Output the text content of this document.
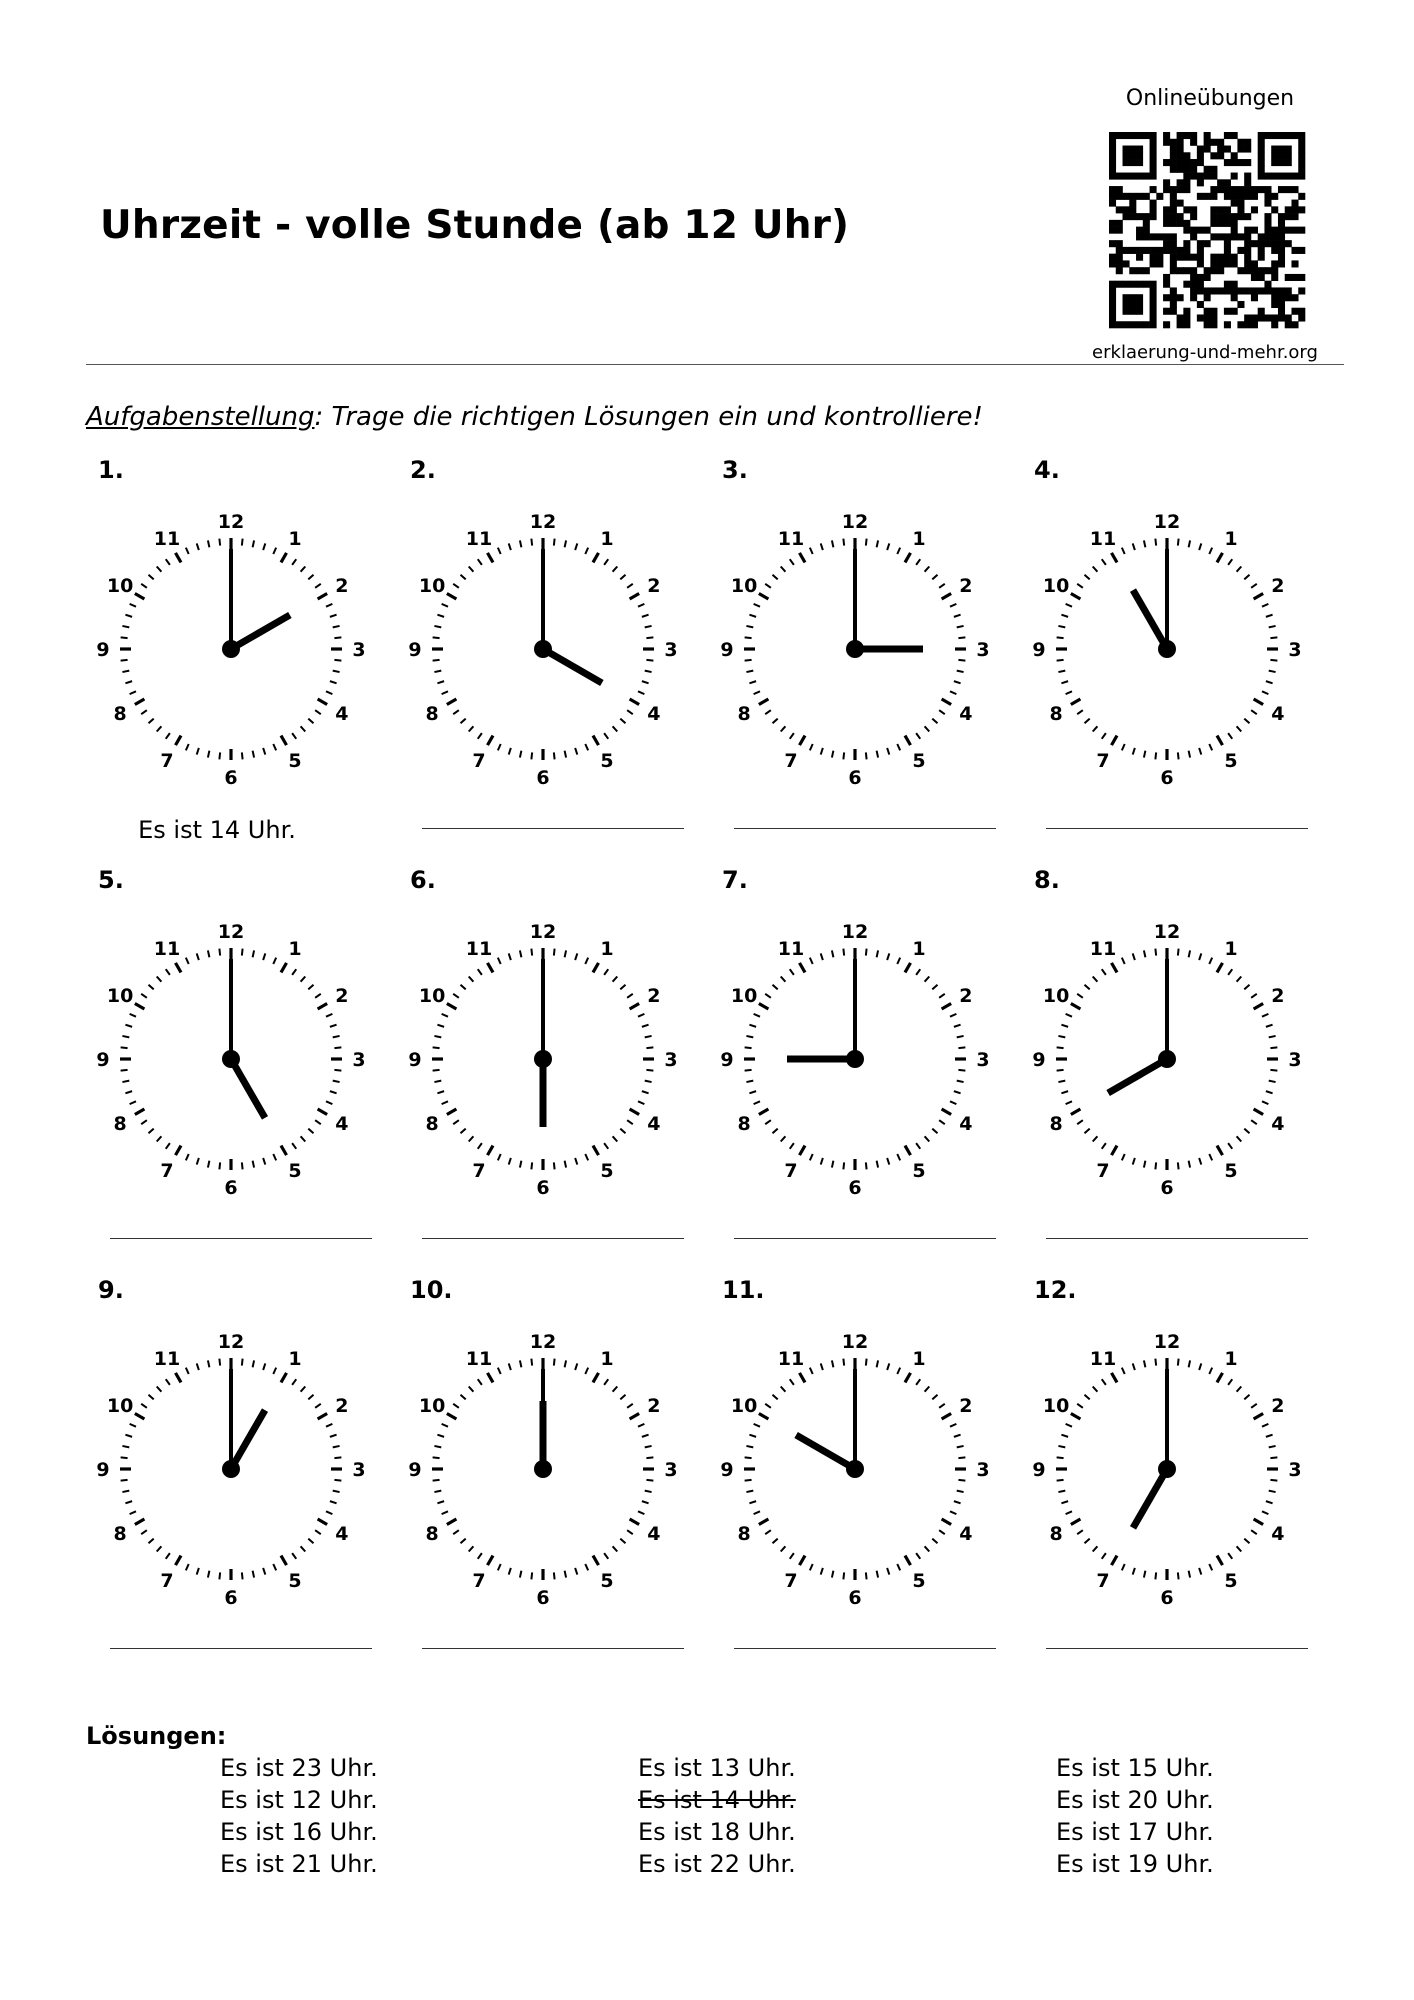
Uhrzeit - volle Stunde (ab 12 Uhr)
Onlineübungen
erklaerung-und-mehr.org
Aufgabenstellung: Trage die richtigen Lösungen ein und kontrolliere!
1.
12
1
2
3
4
5
6
7
8
9
10
11
Es ist 14 Uhr.
2.
12
1
2
3
4
5
6
7
8
9
10
11
3.
12
1
2
3
4
5
6
7
8
9
10
11
4.
12
1
2
3
4
5
6
7
8
9
10
11
5.
12
1
2
3
4
5
6
7
8
9
10
11
6.
12
1
2
3
4
5
6
7
8
9
10
11
7.
12
1
2
3
4
5
6
7
8
9
10
11
8.
12
1
2
3
4
5
6
7
8
9
10
11
9.
12
1
2
3
4
5
6
7
8
9
10
11
10.
12
1
2
3
4
5
6
7
8
9
10
11
11.
12
1
2
3
4
5
6
7
8
9
10
11
12.
12
1
2
3
4
5
6
7
8
9
10
11
Lösungen:
Es ist 23 Uhr.
Es ist 12 Uhr.
Es ist 16 Uhr.
Es ist 21 Uhr.
Es ist 13 Uhr.
Es ist 14 Uhr.
Es ist 18 Uhr.
Es ist 22 Uhr.
Es ist 15 Uhr.
Es ist 20 Uhr.
Es ist 17 Uhr.
Es ist 19 Uhr.
